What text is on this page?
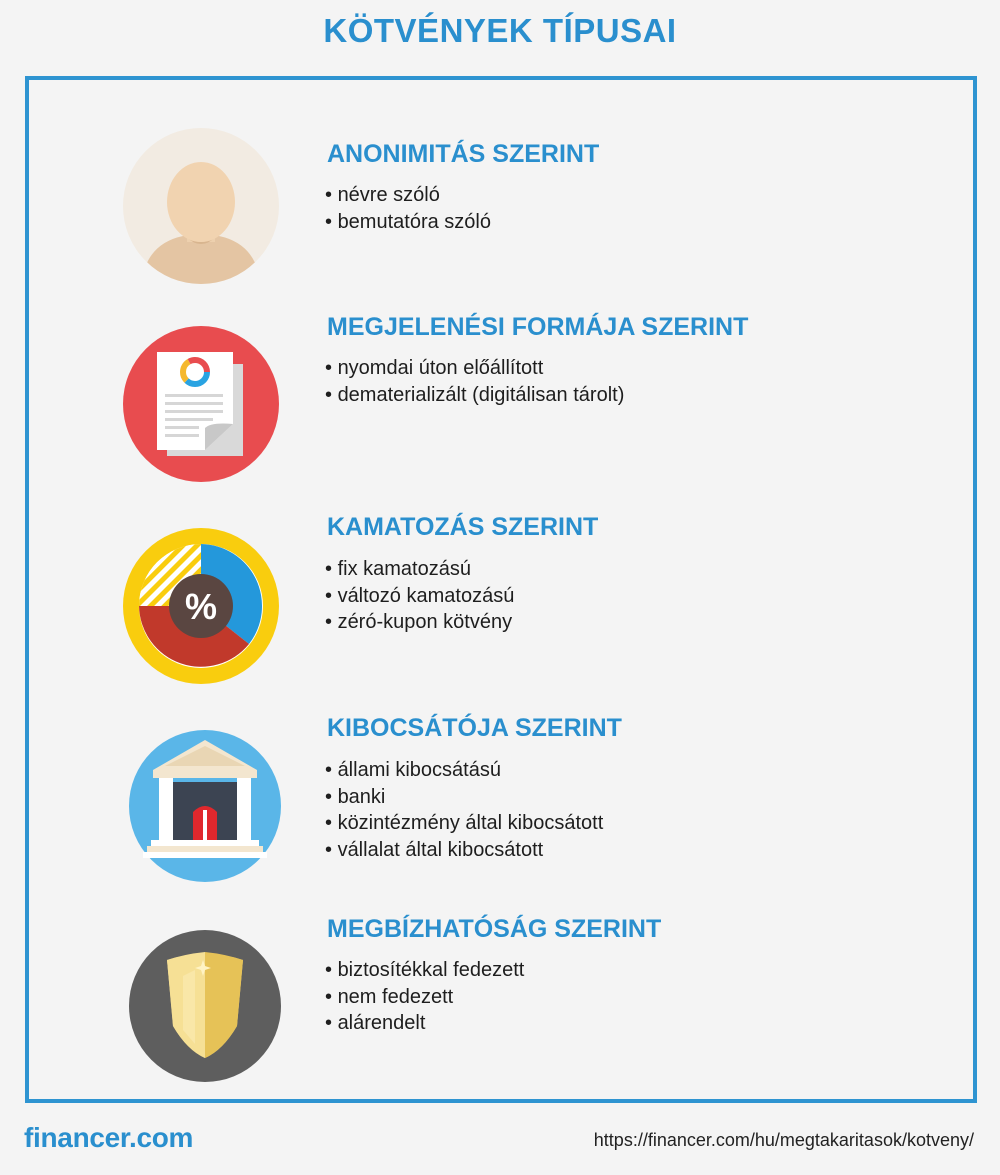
KÖTVÉNYEK TÍPUSAI
ANONIMITÁS SZERINT
• névre szóló
• bemutatóra szóló
MEGJELENÉSI FORMÁJA SZERINT
• nyomdai úton előállított
• dematerializált (digitálisan tárolt)
%
KAMATOZÁS SZERINT
• fix kamatozású
• változó kamatozású
• zéró-kupon kötvény
KIBOCSÁTÓJA SZERINT
• állami kibocsátású
• banki
• közintézmény által kibocsátott
• vállalat által kibocsátott
MEGBÍZHATÓSÁG SZERINT
• biztosítékkal fedezett
• nem fedezett
• alárendelt
financer.com	https://financer.com/hu/megtakaritasok/kotveny/
